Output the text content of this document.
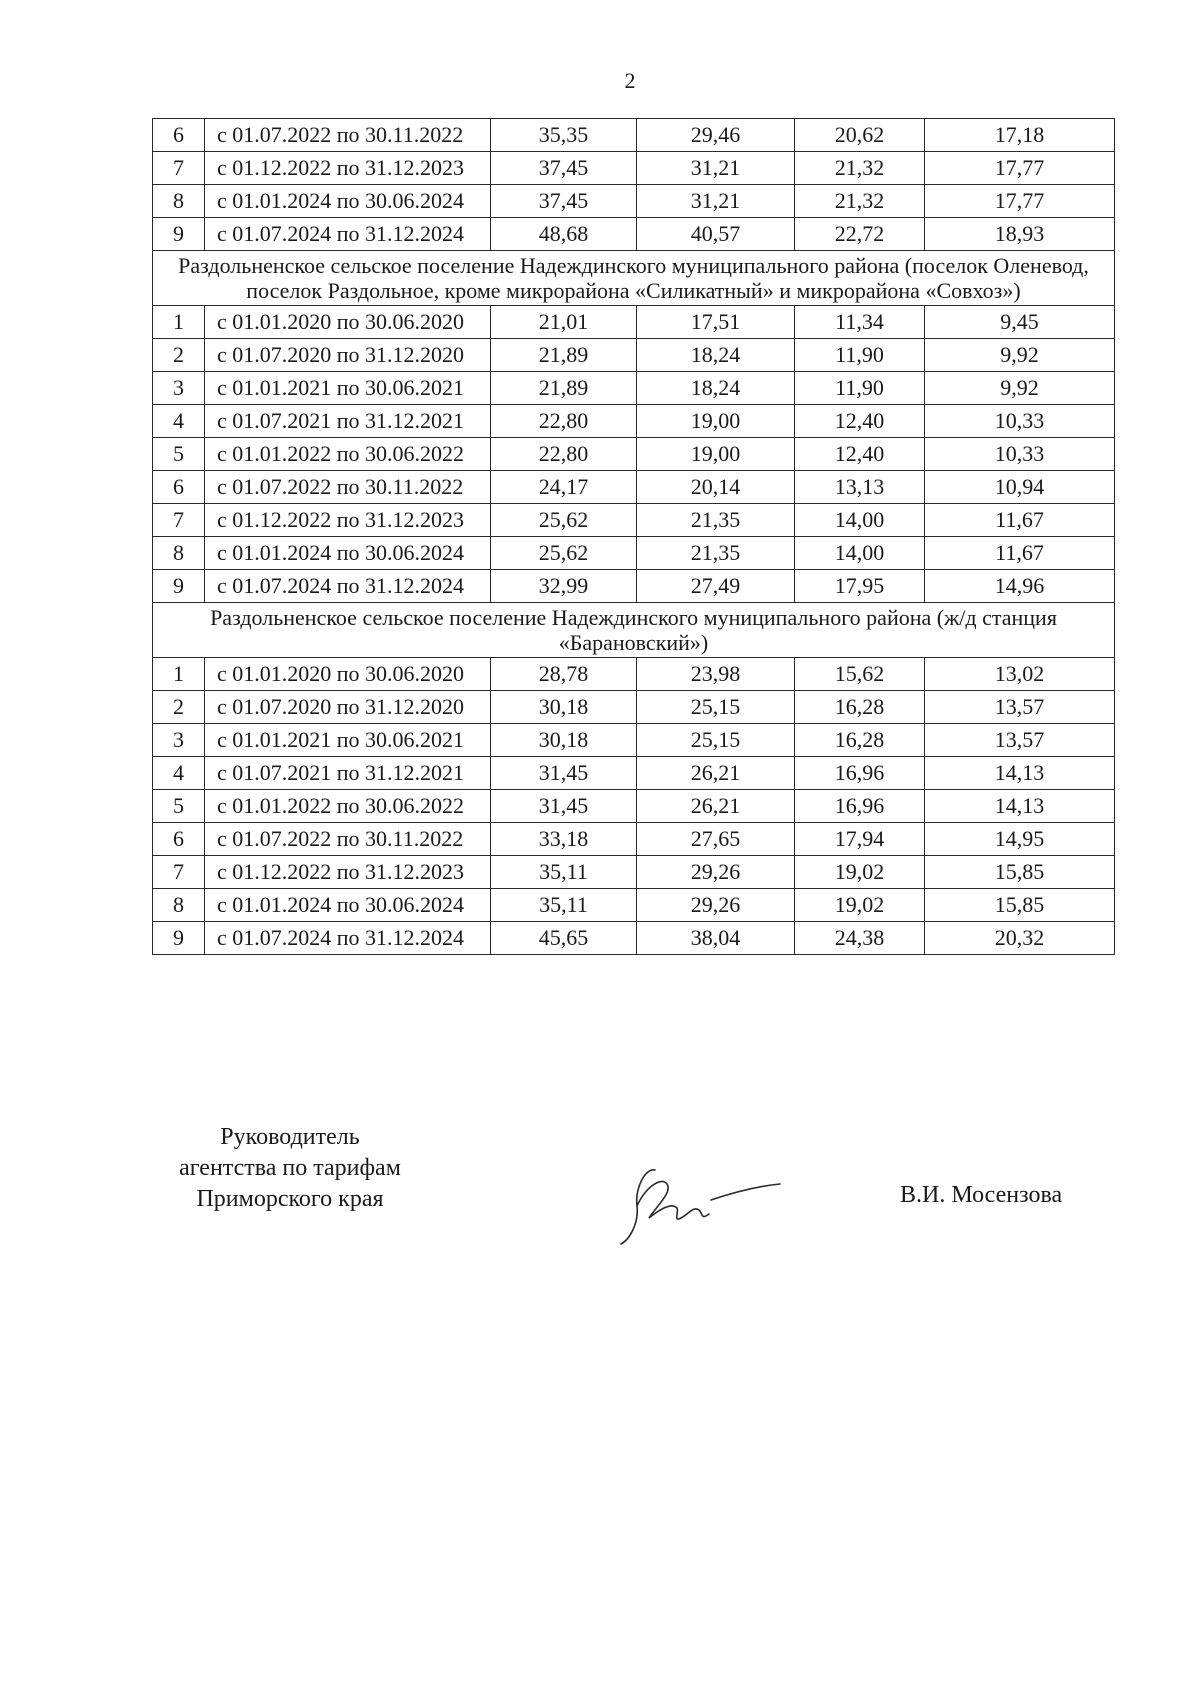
2
6	с 01.07.2022 по 30.11.2022	35,35	29,46	20,62	17,18
7	с 01.12.2022 по 31.12.2023	37,45	31,21	21,32	17,77
8	с 01.01.2024 по 30.06.2024	37,45	31,21	21,32	17,77
9	с 01.07.2024 по 31.12.2024	48,68	40,57	22,72	18,93
Раздольненское сельское поселение Надеждинского муниципального района (поселок Оленевод, поселок Раздольное, кроме микрорайона «Силикатный» и микрорайона «Совхоз»)					
1	с 01.01.2020 по 30.06.2020	21,01	17,51	11,34	9,45
2	с 01.07.2020 по 31.12.2020	21,89	18,24	11,90	9,92
3	с 01.01.2021 по 30.06.2021	21,89	18,24	11,90	9,92
4	с 01.07.2021 по 31.12.2021	22,80	19,00	12,40	10,33
5	с 01.01.2022 по 30.06.2022	22,80	19,00	12,40	10,33
6	с 01.07.2022 по 30.11.2022	24,17	20,14	13,13	10,94
7	с 01.12.2022 по 31.12.2023	25,62	21,35	14,00	11,67
8	с 01.01.2024 по 30.06.2024	25,62	21,35	14,00	11,67
9	с 01.07.2024 по 31.12.2024	32,99	27,49	17,95	14,96
Раздольненское сельское поселение Надеждинского муниципального района (ж/д станция «Барановский»)					
1	с 01.01.2020 по 30.06.2020	28,78	23,98	15,62	13,02
2	с 01.07.2020 по 31.12.2020	30,18	25,15	16,28	13,57
3	с 01.01.2021 по 30.06.2021	30,18	25,15	16,28	13,57
4	с 01.07.2021 по 31.12.2021	31,45	26,21	16,96	14,13
5	с 01.01.2022 по 30.06.2022	31,45	26,21	16,96	14,13
6	с 01.07.2022 по 30.11.2022	33,18	27,65	17,94	14,95
7	с 01.12.2022 по 31.12.2023	35,11	29,26	19,02	15,85
8	с 01.01.2024 по 30.06.2024	35,11	29,26	19,02	15,85
9	с 01.07.2024 по 31.12.2024	45,65	38,04	24,38	20,32
Руководитель
агентства по тарифам
Приморского края	В.И. Мосензова
